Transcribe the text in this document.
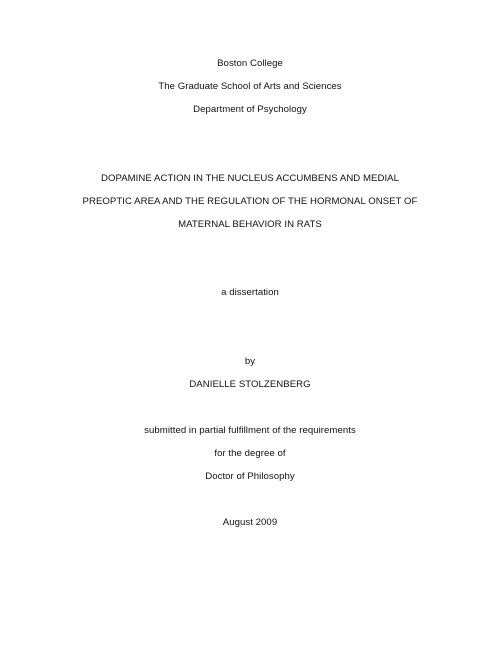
Boston College
The Graduate School of Arts and Sciences
Department of Psychology
DOPAMINE ACTION IN THE NUCLEUS ACCUMBENS AND MEDIAL
PREOPTIC AREA AND THE REGULATION OF THE HORMONAL ONSET OF
MATERNAL BEHAVIOR IN RATS
a dissertation
by
DANIELLE STOLZENBERG
submitted in partial fulfillment of the requirements
for the degree of
Doctor of Philosophy
August 2009
